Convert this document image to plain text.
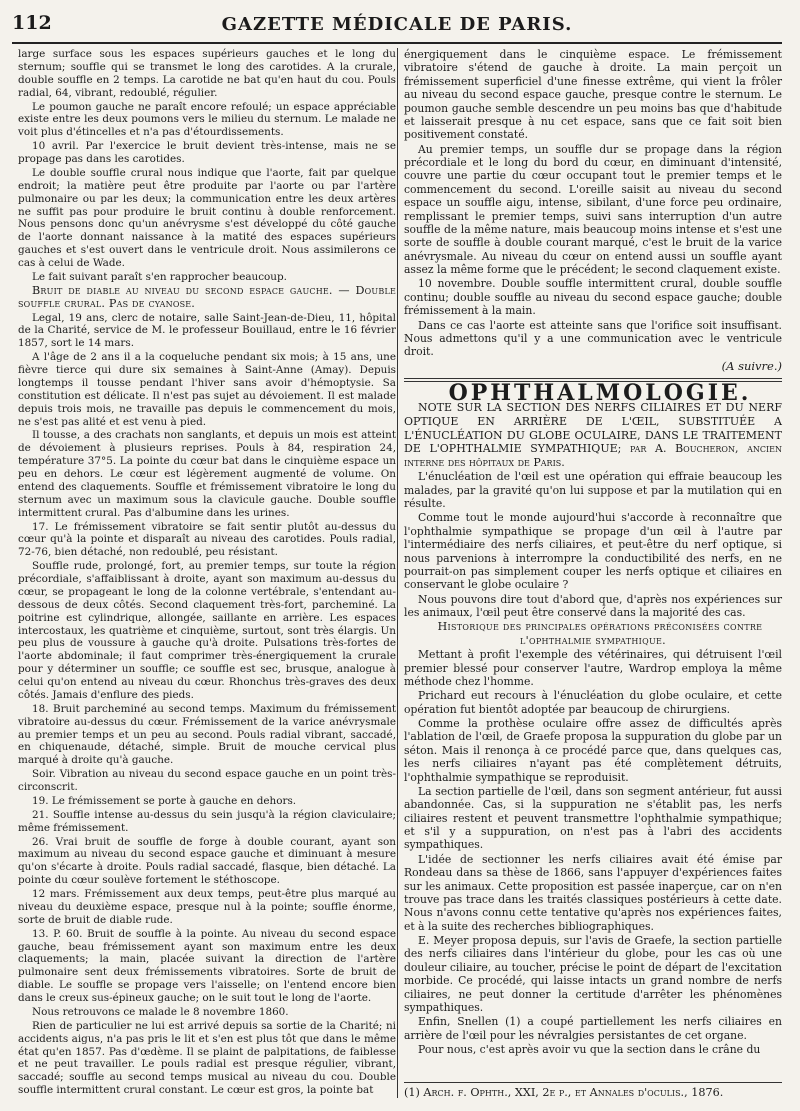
112	GAZETTE MÉDICALE DE PARIS.

large surface sous les espaces supérieurs gauches et le long du sternum; souffle qui se transmet le long des carotides. A la crurale, double souffle en 2 temps. La carotide ne bat qu'en haut du cou. Pouls radial, 64, vibrant, redoublé, régulier.

Le poumon gauche ne paraît encore refoulé; un espace appréciable existe entre les deux poumons vers le milieu du sternum. Le malade ne voit plus d'étincelles et n'a pas d'étourdissements.

10 avril. Par l'exercice le bruit devient très-intense, mais ne se propage pas dans les carotides.

Le double souffle crural nous indique que l'aorte, fait par quelque endroit; la matière peut être produite par l'aorte ou par l'artère pulmonaire ou par les deux; la communication entre les deux artères ne suffit pas pour produire le bruit continu à double renforcement. Nous pensons donc qu'un anévrysme s'est développé du côté gauche de l'aorte donnant naissance à la matité des espaces supérieurs gauches et s'est ouvert dans le ventricule droit. Nous assimilerons ce cas à celui de Wade.

Le fait suivant paraît s'en rapprocher beaucoup.

Bruit de diable au niveau du second espace gauche. — Double souffle crural. Pas de cyanose.

Legal, 19 ans, clerc de notaire, salle Saint-Jean-de-Dieu, 11, hôpital de la Charité, service de M. le professeur Bouillaud, entre le 16 février 1857, sort le 14 mars.

A l'âge de 2 ans il a la coqueluche pendant six mois; à 15 ans, une fièvre tierce qui dure six semaines à Saint-Anne (Amay). Depuis longtemps il tousse pendant l'hiver sans avoir d'hémoptysie. Sa constitution est délicate. Il n'est pas sujet au dévoiement. Il est malade depuis trois mois, ne travaille pas depuis le commencement du mois, ne s'est pas alité et est venu à pied.

Il tousse, a des crachats non sanglants, et depuis un mois est atteint de dévoiement à plusieurs reprises. Pouls à 84, respiration 24, température 37°5. La pointe du cœur bat dans le cinquième espace un peu en dehors. Le cœur est légèrement augmenté de volume. On entend des claquements. Souffle et frémissement vibratoire le long du sternum avec un maximum sous la clavicule gauche. Double souffle intermittent crural. Pas d'albumine dans les urines.

17. Le frémissement vibratoire se fait sentir plutôt au-dessus du cœur qu'à la pointe et disparaît au niveau des carotides. Pouls radial, 72-76, bien détaché, non redoublé, peu résistant.

Souffle rude, prolongé, fort, au premier temps, sur toute la région précordiale, s'affaiblissant à droite, ayant son maximum au-dessus du cœur, se propageant le long de la colonne vertébrale, s'entendant au-dessous de deux côtés. Second claquement très-fort, parcheminé. La poitrine est cylindrique, allongée, saillante en arrière. Les espaces intercostaux, les quatrième et cinquième, surtout, sont très élargis. Un peu plus de voussure à gauche qu'à droite. Pulsations très-fortes de l'aorte abdominale; il faut comprimer très-énergiquement la crurale pour y déterminer un souffle; ce souffle est sec, brusque, analogue à celui qu'on entend au niveau du cœur. Rhonchus très-graves des deux côtés. Jamais d'enflure des pieds.

18. Bruit parcheminé au second temps. Maximum du frémissement vibratoire au-dessus du cœur. Frémissement de la varice anévrysmale au premier temps et un peu au second. Pouls radial vibrant, saccadé, en chiquenaude, détaché, simple. Bruit de mouche cervical plus marqué à droite qu'à gauche.

Soir. Vibration au niveau du second espace gauche en un point très-circonscrit.

19. Le frémissement se porte à gauche en dehors.

21. Souffle intense au-dessus du sein jusqu'à la région claviculaire; même frémissement.

26. Vrai bruit de souffle de forge à double courant, ayant son maximum au niveau du second espace gauche et diminuant à mesure qu'on s'écarte à droite. Pouls radial saccadé, flasque, bien détaché. La pointe du cœur soulève fortement le stéthoscope.

12 mars. Frémissement aux deux temps, peut-être plus marqué au niveau du deuxième espace, presque nul à la pointe; souffle énorme, sorte de bruit de diable rude.

13. P. 60. Bruit de souffle à la pointe. Au niveau du second espace gauche, beau frémissement ayant son maximum entre les deux claquements; la main, placée suivant la direction de l'artère pulmonaire sent deux frémissements vibratoires. Sorte de bruit de diable. Le souffle se propage vers l'aisselle; on l'entend encore bien dans le creux sus-épineux gauche; on le suit tout le long de l'aorte.

Nous retrouvons ce malade le 8 novembre 1860.

Rien de particulier ne lui est arrivé depuis sa sortie de la Charité; ni accidents aigus, n'a pas pris le lit et s'en est plus tôt que dans le même état qu'en 1857. Pas d'œdème. Il se plaint de palpitations, de faiblesse et ne peut travailler. Le pouls radial est presque régulier, vibrant, saccadé; souffle au second temps musical au niveau du cou. Double souffle intermittent crural constant. Le cœur est gros, la pointe bat

énergiquement dans le cinquième espace. Le frémissement vibratoire s'étend de gauche à droite. La main perçoit un frémissement superficiel d'une finesse extrême, qui vient la frôler au niveau du second espace gauche, presque contre le sternum. Le poumon gauche semble descendre un peu moins bas que d'habitude et laisserait presque à nu cet espace, sans que ce fait soit bien positivement constaté.

Au premier temps, un souffle dur se propage dans la région précordiale et le long du bord du cœur, en diminuant d'intensité, couvre une partie du cœur occupant tout le premier temps et le commencement du second. L'oreille saisit au niveau du second espace un souffle aigu, intense, sibilant, d'une force peu ordinaire, remplissant le premier temps, suivi sans interruption d'un autre souffle de la même nature, mais beaucoup moins intense et s'est une sorte de souffle à double courant marqué, c'est le bruit de la varice anévrysmale. Au niveau du cœur on entend aussi un souffle ayant assez la même forme que le précédent; le second claquement existe.

10 novembre. Double souffle intermittent crural, double souffle continu; double souffle au niveau du second espace gauche; double frémissement à la main.

Dans ce cas l'aorte est atteinte sans que l'orifice soit insuffisant. Nous admettons qu'il y a une communication avec le ventricule droit.

(A suivre.)

OPHTHALMOLOGIE.

NOTE SUR LA SECTION DES NERFS CILIAIRES ET DU NERF OPTIQUE EN ARRIÈRE DE L'ŒIL, SUBSTITUÉE A L'ÉNUCLÉATION DU GLOBE OCULAIRE, DANS LE TRAITEMENT DE L'OPHTHALMIE SYMPATHIQUE; par A. Boucheron, ancien interne des hôpitaux de Paris.

L'énucléation de l'œil est une opération qui effraie beaucoup les malades, par la gravité qu'on lui suppose et par la mutilation qui en résulte.

Comme tout le monde aujourd'hui s'accorde à reconnaître que l'ophthalmie sympathique se propage d'un œil à l'autre par l'intermédiaire des nerfs ciliaires, et peut-être du nerf optique, si nous parvenions à interrompre la conductibilité des nerfs, en ne pourrait-on pas simplement couper les nerfs optique et ciliaires en conservant le globe oculaire ?

Nous pouvons dire tout d'abord que, d'après nos expériences sur les animaux, l'œil peut être conservé dans la majorité des cas.

Historique des principales opérations préconisées contre l'ophthalmie sympathique.

Mettant à profit l'exemple des vétérinaires, qui détruisent l'œil premier blessé pour conserver l'autre, Wardrop employa la même méthode chez l'homme.

Prichard eut recours à l'énucléation du globe oculaire, et cette opération fut bientôt adoptée par beaucoup de chirurgiens.

Comme la prothèse oculaire offre assez de difficultés après l'ablation de l'œil, de Graefe proposa la suppuration du globe par un séton. Mais il renonça à ce procédé parce que, dans quelques cas, les nerfs ciliaires n'ayant pas été complètement détruits, l'ophthalmie sympathique se reproduisit.

La section partielle de l'œil, dans son segment antérieur, fut aussi abandonnée. Cas, si la suppuration ne s'établit pas, les nerfs ciliaires restent et peuvent transmettre l'ophthalmie sympathique; et s'il y a suppuration, on n'est pas à l'abri des accidents sympathiques.

L'idée de sectionner les nerfs ciliaires avait été émise par Rondeau dans sa thèse de 1866, sans l'appuyer d'expériences faites sur les animaux. Cette proposition est passée inaperçue, car on n'en trouve pas trace dans les traités classiques postérieurs à cette date. Nous n'avons connu cette tentative qu'après nos expériences faites, et à la suite des recherches bibliographiques.

E. Meyer proposa depuis, sur l'avis de Graefe, la section partielle des nerfs ciliaires dans l'intérieur du globe, pour les cas où une douleur ciliaire, au toucher, précise le point de départ de l'excitation morbide. Ce procédé, qui laisse intacts un grand nombre de nerfs ciliaires, ne peut donner la certitude d'arrêter les phénomènes sympathiques.

Enfin, Snellen (1) a coupé partiellement les nerfs ciliaires en arrière de l'œil pour les névralgies persistantes de cet organe.

Pour nous, c'est après avoir vu que la section dans le crâne du

(1) Arch. f. Ophth., XXI, 2e p., et Annales d'oculis., 1876.
